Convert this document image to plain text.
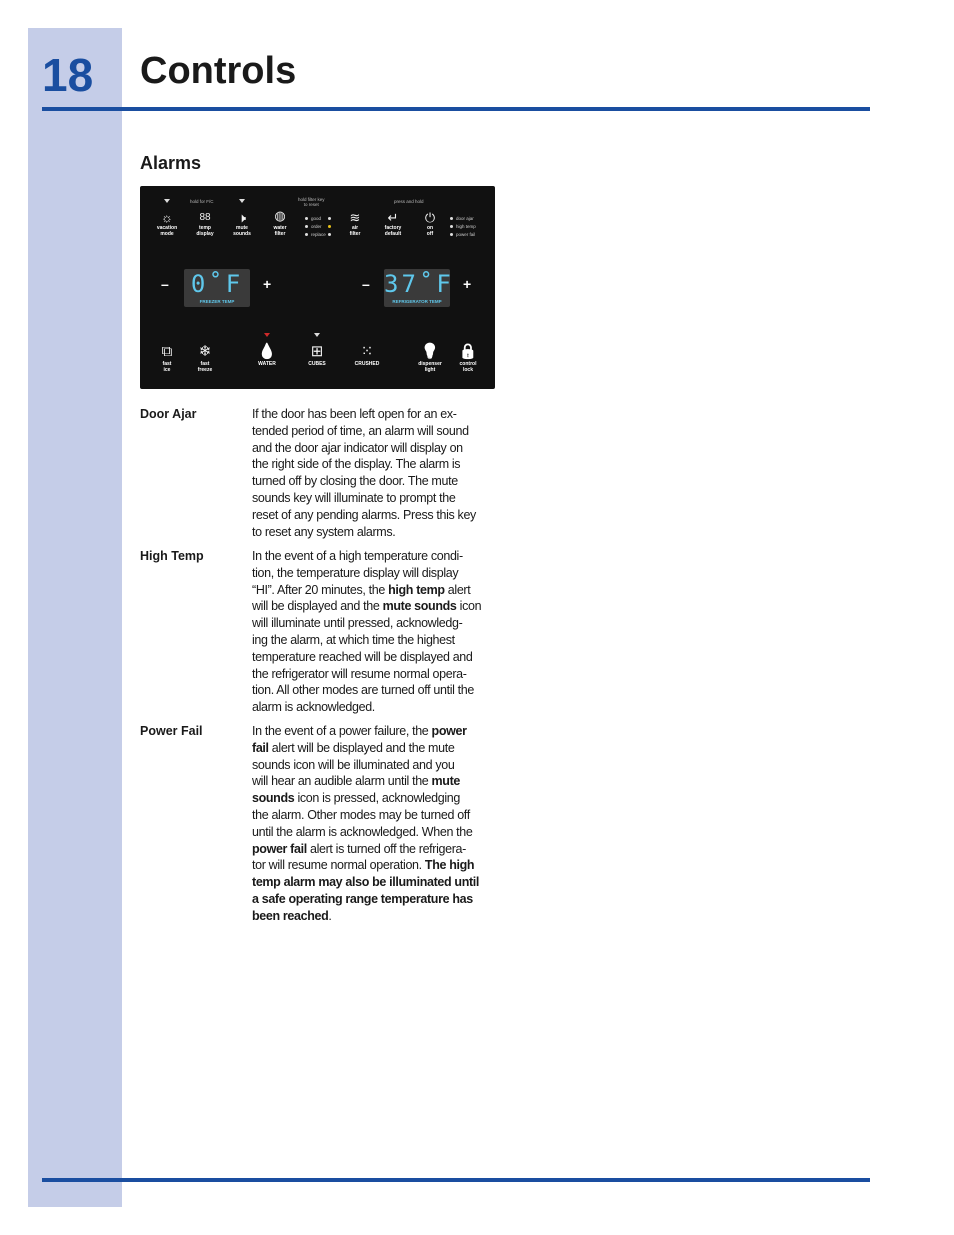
18 Controls
Alarms
hold for F/C	hold filter key
to reset
press and hold
☼
vacation
mode
88
temp
display
🕨
mute
sounds
◍
water
filter
good
order
replace
≋
air
filter
↵
factory
default
⏻
on
off
door ajar
high temp
power fail
– 0˚F
FREEZER TEMP
+	– 37˚F
REFRIGERATOR TEMP
+
⧉
fast
ice
❄
fast
freeze
💧
WATER
⊞
CUBES
⁙
CRUSHED
💡
dispenser
light
🔒
control
lock
Door Ajar	If the door has been left open for an ex-
tended period of time, an alarm will sound
and the door ajar indicator will display on
the right side of the display. The alarm is
turned off by closing the door. The mute
sounds key will illuminate to prompt the
reset of any pending alarms. Press this key
to reset any system alarms.
High Temp	In the event of a high temperature condi-
tion, the temperature display will display
“HI”. After 20 minutes, the high temp alert
will be displayed and the mute sounds icon
will illuminate until pressed, acknowledg-
ing the alarm, at which time the highest
temperature reached will be displayed and
the refrigerator will resume normal opera-
tion. All other modes are turned off until the
alarm is acknowledged.
Power Fail	In the event of a power failure, the power
fail alert will be displayed and the mute
sounds icon will be illuminated and you
will hear an audible alarm until the mute
sounds icon is pressed, acknowledging
the alarm. Other modes may be turned off
until the alarm is acknowledged. When the
power fail alert is turned off the refrigera-
tor will resume normal operation. The high
temp alarm may also be illuminated until
a safe operating range temperature has
been reached.
